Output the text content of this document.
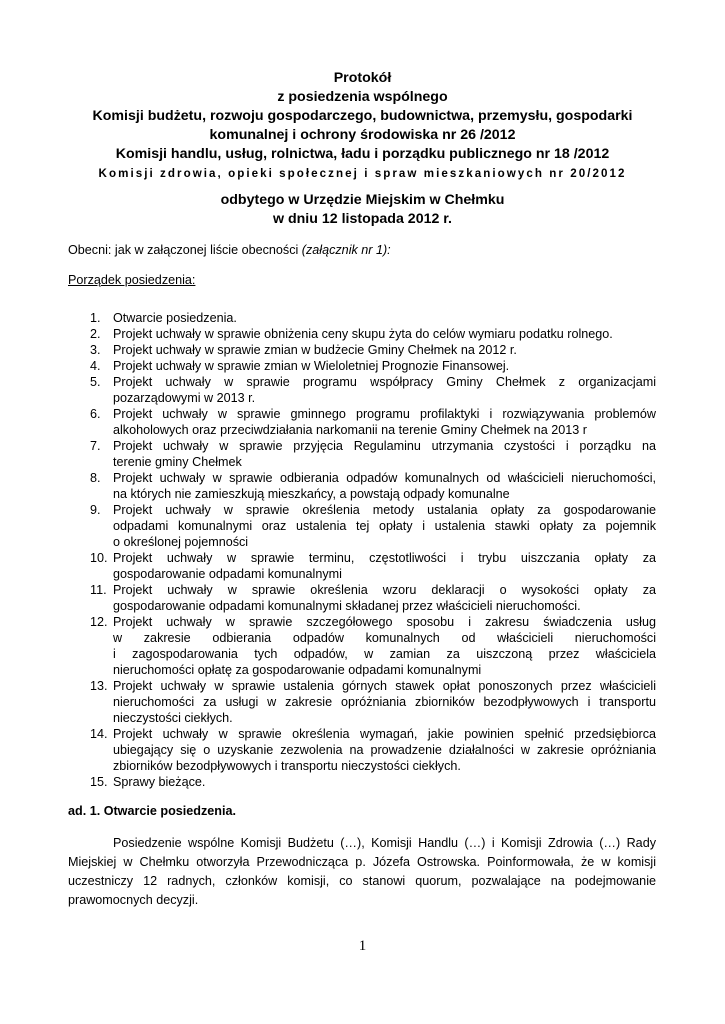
Protokół
z posiedzenia wspólnego
Komisji budżetu, rozwoju gospodarczego, budownictwa, przemysłu, gospodarki
komunalnej i ochrony środowiska nr 26 /2012
Komisji handlu, usług, rolnictwa, ładu i porządku publicznego nr 18 /2012
Komisji zdrowia, opieki społecznej i spraw mieszkaniowych nr 20/2012
odbytego w Urzędzie Miejskim w Chełmku
w dniu 12 listopada 2012 r.
Obecni: jak w załączonej liście obecności (załącznik nr 1):
Porządek posiedzenia:
1. Otwarcie posiedzenia.
2. Projekt uchwały w sprawie obniżenia ceny skupu żyta do celów wymiaru podatku rolnego.
3. Projekt uchwały w sprawie zmian w budżecie Gminy Chełmek na 2012 r.
4. Projekt uchwały w sprawie zmian w Wieloletniej Prognozie Finansowej.
5. Projekt uchwały w sprawie programu współpracy Gminy Chełmek z organizacjami
pozarządowymi w 2013 r.
6. Projekt uchwały w sprawie gminnego programu profilaktyki i rozwiązywania problemów
alkoholowych oraz przeciwdziałania narkomanii na terenie Gminy Chełmek na 2013 r
7. Projekt uchwały w sprawie przyjęcia Regulaminu utrzymania czystości i porządku na
terenie gminy Chełmek
8. Projekt uchwały w sprawie odbierania odpadów komunalnych od właścicieli nieruchomości,
na których nie zamieszkują mieszkańcy, a powstają odpady komunalne
9. Projekt uchwały w sprawie określenia metody ustalania opłaty za gospodarowanie
odpadami komunalnymi oraz ustalenia tej opłaty i ustalenia stawki opłaty za pojemnik
o określonej pojemności
10. Projekt uchwały w sprawie terminu, częstotliwości i trybu uiszczania opłaty za
gospodarowanie odpadami komunalnymi
11. Projekt uchwały w sprawie określenia wzoru deklaracji o wysokości opłaty za
gospodarowanie odpadami komunalnymi składanej przez właścicieli nieruchomości.
12. Projekt uchwały w sprawie szczegółowego sposobu i zakresu świadczenia usług
w zakresie odbierania odpadów komunalnych od właścicieli nieruchomości
i zagospodarowania tych odpadów, w zamian za uiszczoną przez właściciela
nieruchomości opłatę za gospodarowanie odpadami komunalnymi
13. Projekt uchwały w sprawie ustalenia górnych stawek opłat ponoszonych przez właścicieli
nieruchomości za usługi w zakresie opróżniania zbiorników bezodpływowych i transportu
nieczystości ciekłych.
14. Projekt uchwały w sprawie określenia wymagań, jakie powinien spełnić przedsiębiorca
ubiegający się o uzyskanie zezwolenia na prowadzenie działalności w zakresie opróżniania
zbiorników bezodpływowych i transportu nieczystości ciekłych.
15. Sprawy bieżące.
ad. 1. Otwarcie posiedzenia.
Posiedzenie wspólne Komisji Budżetu (…), Komisji Handlu (…) i Komisji Zdrowia (…) Rady
Miejskiej w Chełmku otworzyła Przewodnicząca p. Józefa Ostrowska. Poinformowała, że w komisji
uczestniczy 12 radnych, członków komisji, co stanowi quorum, pozwalające na podejmowanie
prawomocnych decyzji.
1
